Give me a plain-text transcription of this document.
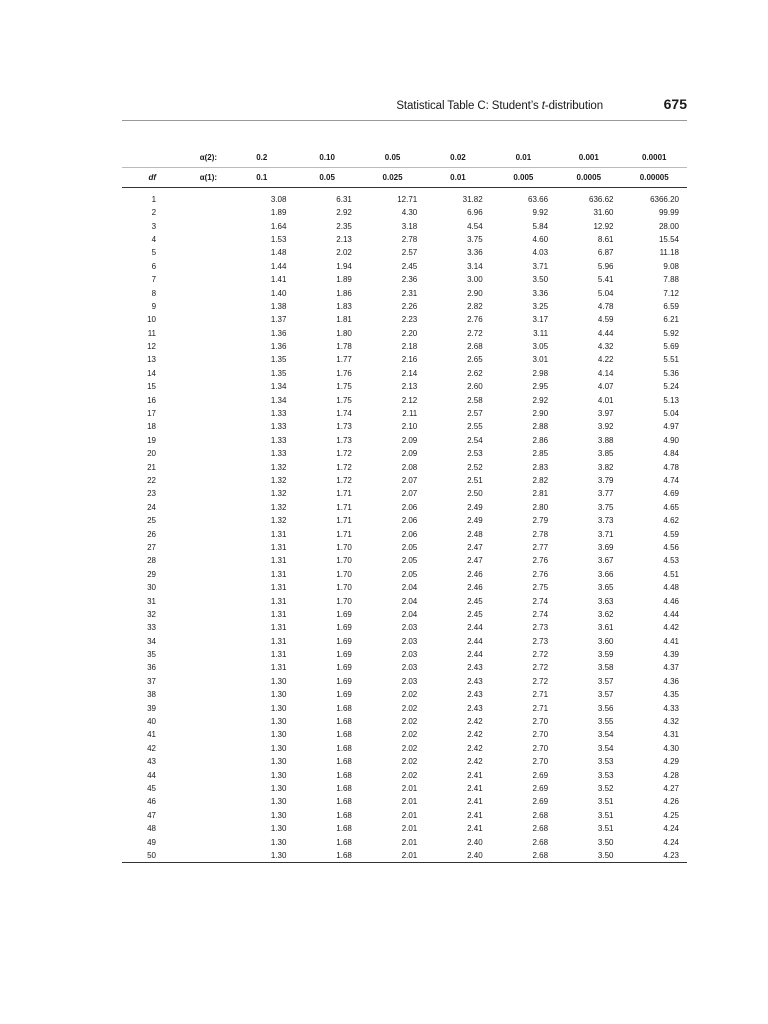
Statistical Table C: Student’s t-distribution	675
	α(2):	0.2	0.10	0.05	0.02	0.01	0.001	0.0001
df	α(1):	0.1	0.05	0.025	0.01	0.005	0.0005	0.00005
1		3.08	6.31	12.71	31.82	63.66	636.62	6366.20
2		1.89	2.92	4.30	6.96	9.92	31.60	99.99
3		1.64	2.35	3.18	4.54	5.84	12.92	28.00
4		1.53	2.13	2.78	3.75	4.60	8.61	15.54
5		1.48	2.02	2.57	3.36	4.03	6.87	11.18
6		1.44	1.94	2.45	3.14	3.71	5.96	9.08
7		1.41	1.89	2.36	3.00	3.50	5.41	7.88
8		1.40	1.86	2.31	2.90	3.36	5.04	7.12
9		1.38	1.83	2.26	2.82	3.25	4.78	6.59
10		1.37	1.81	2.23	2.76	3.17	4.59	6.21
11		1.36	1.80	2.20	2.72	3.11	4.44	5.92
12		1.36	1.78	2.18	2.68	3.05	4.32	5.69
13		1.35	1.77	2.16	2.65	3.01	4.22	5.51
14		1.35	1.76	2.14	2.62	2.98	4.14	5.36
15		1.34	1.75	2.13	2.60	2.95	4.07	5.24
16		1.34	1.75	2.12	2.58	2.92	4.01	5.13
17		1.33	1.74	2.11	2.57	2.90	3.97	5.04
18		1.33	1.73	2.10	2.55	2.88	3.92	4.97
19		1.33	1.73	2.09	2.54	2.86	3.88	4.90
20		1.33	1.72	2.09	2.53	2.85	3.85	4.84
21		1.32	1.72	2.08	2.52	2.83	3.82	4.78
22		1.32	1.72	2.07	2.51	2.82	3.79	4.74
23		1.32	1.71	2.07	2.50	2.81	3.77	4.69
24		1.32	1.71	2.06	2.49	2.80	3.75	4.65
25		1.32	1.71	2.06	2.49	2.79	3.73	4.62
26		1.31	1.71	2.06	2.48	2.78	3.71	4.59
27		1.31	1.70	2.05	2.47	2.77	3.69	4.56
28		1.31	1.70	2.05	2.47	2.76	3.67	4.53
29		1.31	1.70	2.05	2.46	2.76	3.66	4.51
30		1.31	1.70	2.04	2.46	2.75	3.65	4.48
31		1.31	1.70	2.04	2.45	2.74	3.63	4.46
32		1.31	1.69	2.04	2.45	2.74	3.62	4.44
33		1.31	1.69	2.03	2.44	2.73	3.61	4.42
34		1.31	1.69	2.03	2.44	2.73	3.60	4.41
35		1.31	1.69	2.03	2.44	2.72	3.59	4.39
36		1.31	1.69	2.03	2.43	2.72	3.58	4.37
37		1.30	1.69	2.03	2.43	2.72	3.57	4.36
38		1.30	1.69	2.02	2.43	2.71	3.57	4.35
39		1.30	1.68	2.02	2.43	2.71	3.56	4.33
40		1.30	1.68	2.02	2.42	2.70	3.55	4.32
41		1.30	1.68	2.02	2.42	2.70	3.54	4.31
42		1.30	1.68	2.02	2.42	2.70	3.54	4.30
43		1.30	1.68	2.02	2.42	2.70	3.53	4.29
44		1.30	1.68	2.02	2.41	2.69	3.53	4.28
45		1.30	1.68	2.01	2.41	2.69	3.52	4.27
46		1.30	1.68	2.01	2.41	2.69	3.51	4.26
47		1.30	1.68	2.01	2.41	2.68	3.51	4.25
48		1.30	1.68	2.01	2.41	2.68	3.51	4.24
49		1.30	1.68	2.01	2.40	2.68	3.50	4.24
50		1.30	1.68	2.01	2.40	2.68	3.50	4.23
